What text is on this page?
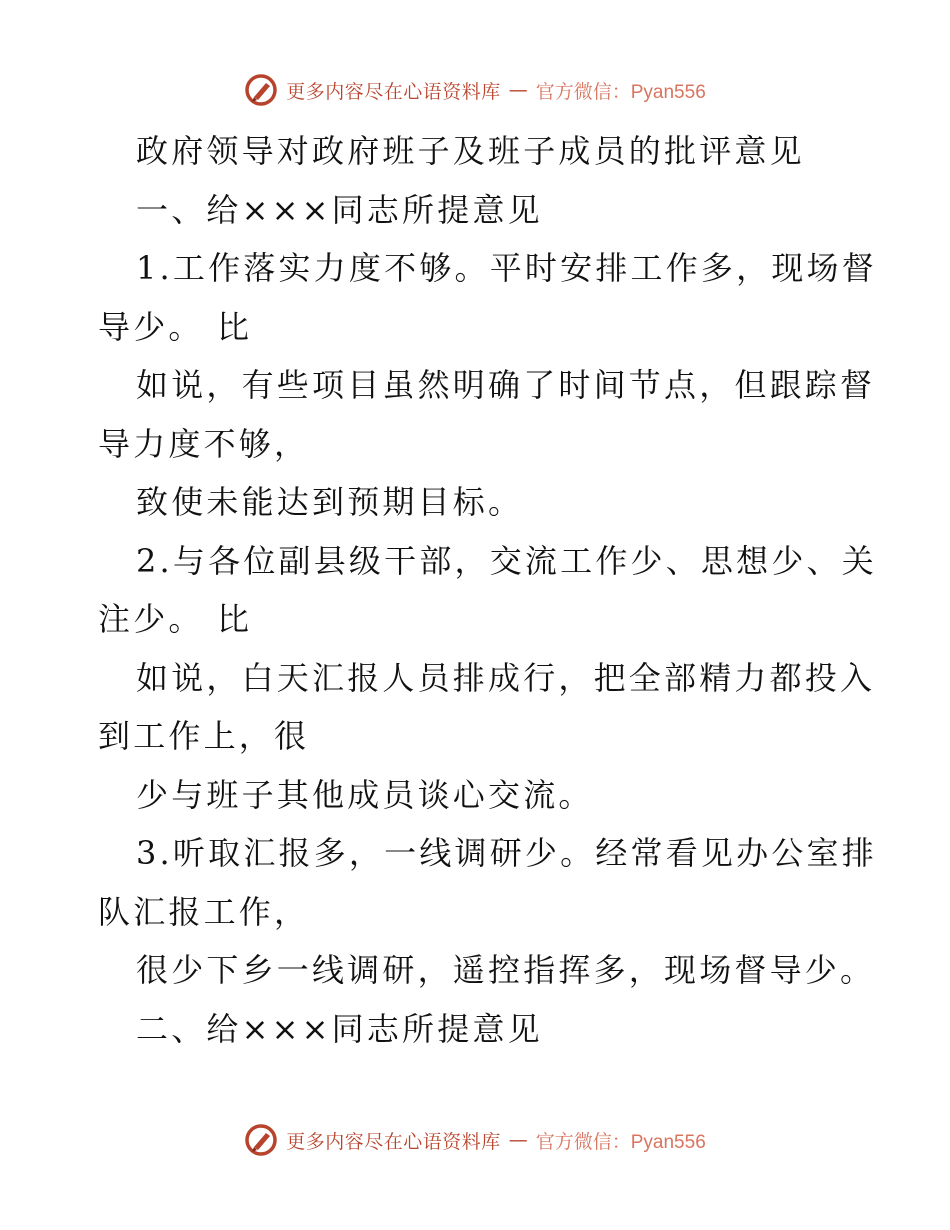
更多内容尽在心语资料库 — 官方微信：Pyan556
政府领导对政府班子及班子成员的批评意见
一、给×××同志所提意见
1.工作落实力度不够。平时安排工作多，现场督
导少。 比
如说，有些项目虽然明确了时间节点，但跟踪督
导力度不够，
致使未能达到预期目标。
2.与各位副县级干部，交流工作少、思想少、关
注少。 比
如说，白天汇报人员排成行，把全部精力都投入
到工作上，很
少与班子其他成员谈心交流。
3.听取汇报多，一线调研少。经常看见办公室排
队汇报工作，
很少下乡一线调研，遥控指挥多，现场督导少。
二、给×××同志所提意见
更多内容尽在心语资料库 — 官方微信：Pyan556
